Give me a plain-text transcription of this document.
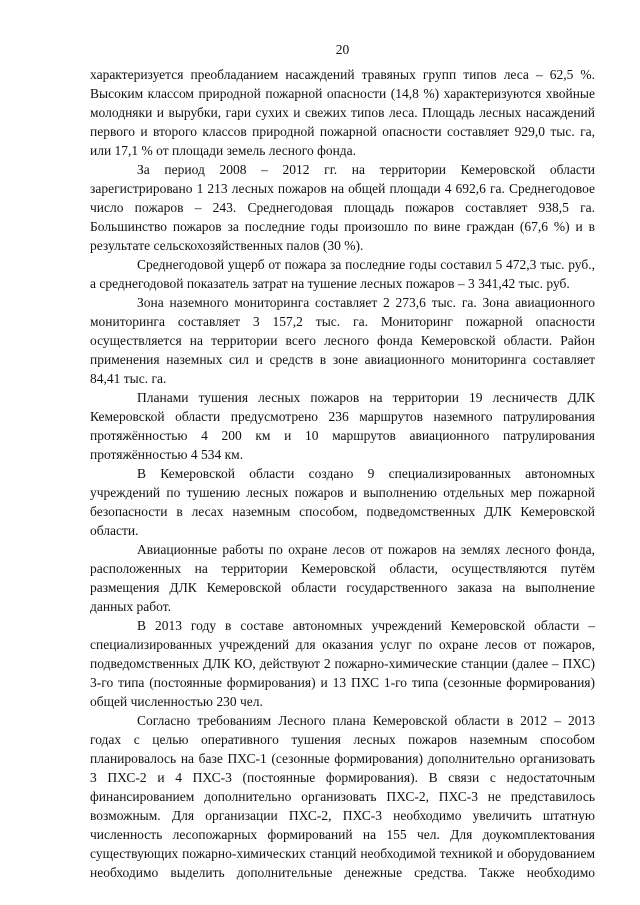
20

характеризуется преобладанием насаждений травяных групп типов леса – 62,5 %. Высоким классом природной пожарной опасности (14,8 %) характеризуются хвойные молодняки и вырубки, гари сухих и свежих типов леса. Площадь лесных насаждений первого и второго классов природной пожарной опасности составляет 929,0 тыс. га, или 17,1 % от площади земель лесного фонда.

За период 2008 – 2012 гг. на территории Кемеровской области зарегистрировано 1 213 лесных пожаров на общей площади 4 692,6 га. Среднегодовое число пожаров – 243. Среднегодовая площадь пожаров составляет 938,5 га. Большинство пожаров за последние годы произошло по вине граждан (67,6 %) и в результате сельскохозяйственных палов (30 %).

Среднегодовой ущерб от пожара за последние годы составил 5 472,3 тыс. руб., а среднегодовой показатель затрат на тушение лесных пожаров – 3 341,42 тыс. руб.

Зона наземного мониторинга составляет 2 273,6 тыс. га. Зона авиационного мониторинга составляет 3 157,2 тыс. га. Мониторинг пожарной опасности осуществляется на территории всего лесного фонда Кемеровской области. Район применения наземных сил и средств в зоне авиационного мониторинга составляет 84,41 тыс. га.

Планами тушения лесных пожаров на территории 19 лесничеств ДЛК Кемеровской области предусмотрено 236 маршрутов наземного патрулирования протяжённостью 4 200 км и 10 маршрутов авиационного патрулирования протяжённостью 4 534 км.

В Кемеровской области создано 9 специализированных автономных учреждений по тушению лесных пожаров и выполнению отдельных мер пожарной безопасности в лесах наземным способом, подведомственных ДЛК Кемеровской области.

Авиационные работы по охране лесов от пожаров на землях лесного фонда, расположенных на территории Кемеровской области, осуществляются путём размещения ДЛК Кемеровской области государственного заказа на выполнение данных работ.

В 2013 году в составе автономных учреждений Кемеровской области – специализированных учреждений для оказания услуг по охране лесов от пожаров, подведомственных ДЛК КО, действуют 2 пожарно-химические станции (далее – ПХС) 3-го типа (постоянные формирования) и 13 ПХС 1-го типа (сезонные формирования) общей численностью 230 чел.

Согласно требованиям Лесного плана Кемеровской области в 2012 – 2013 годах с целью оперативного тушения лесных пожаров наземным способом планировалось на базе ПХС-1 (сезонные формирования) дополнительно организовать 3 ПХС-2 и 4 ПХС-3 (постоянные формирования). В связи с недостаточным финансированием дополнительно организовать ПХС-2, ПХС-3 не представилось возможным. Для организации ПХС-2, ПХС-3 необходимо увеличить штатную численность лесопожарных формирований на 155 чел. Для доукомплектования существующих пожарно-химических станций необходимой техникой и оборудованием необходимо выделить дополнительные денежные средства. Также необходимо
